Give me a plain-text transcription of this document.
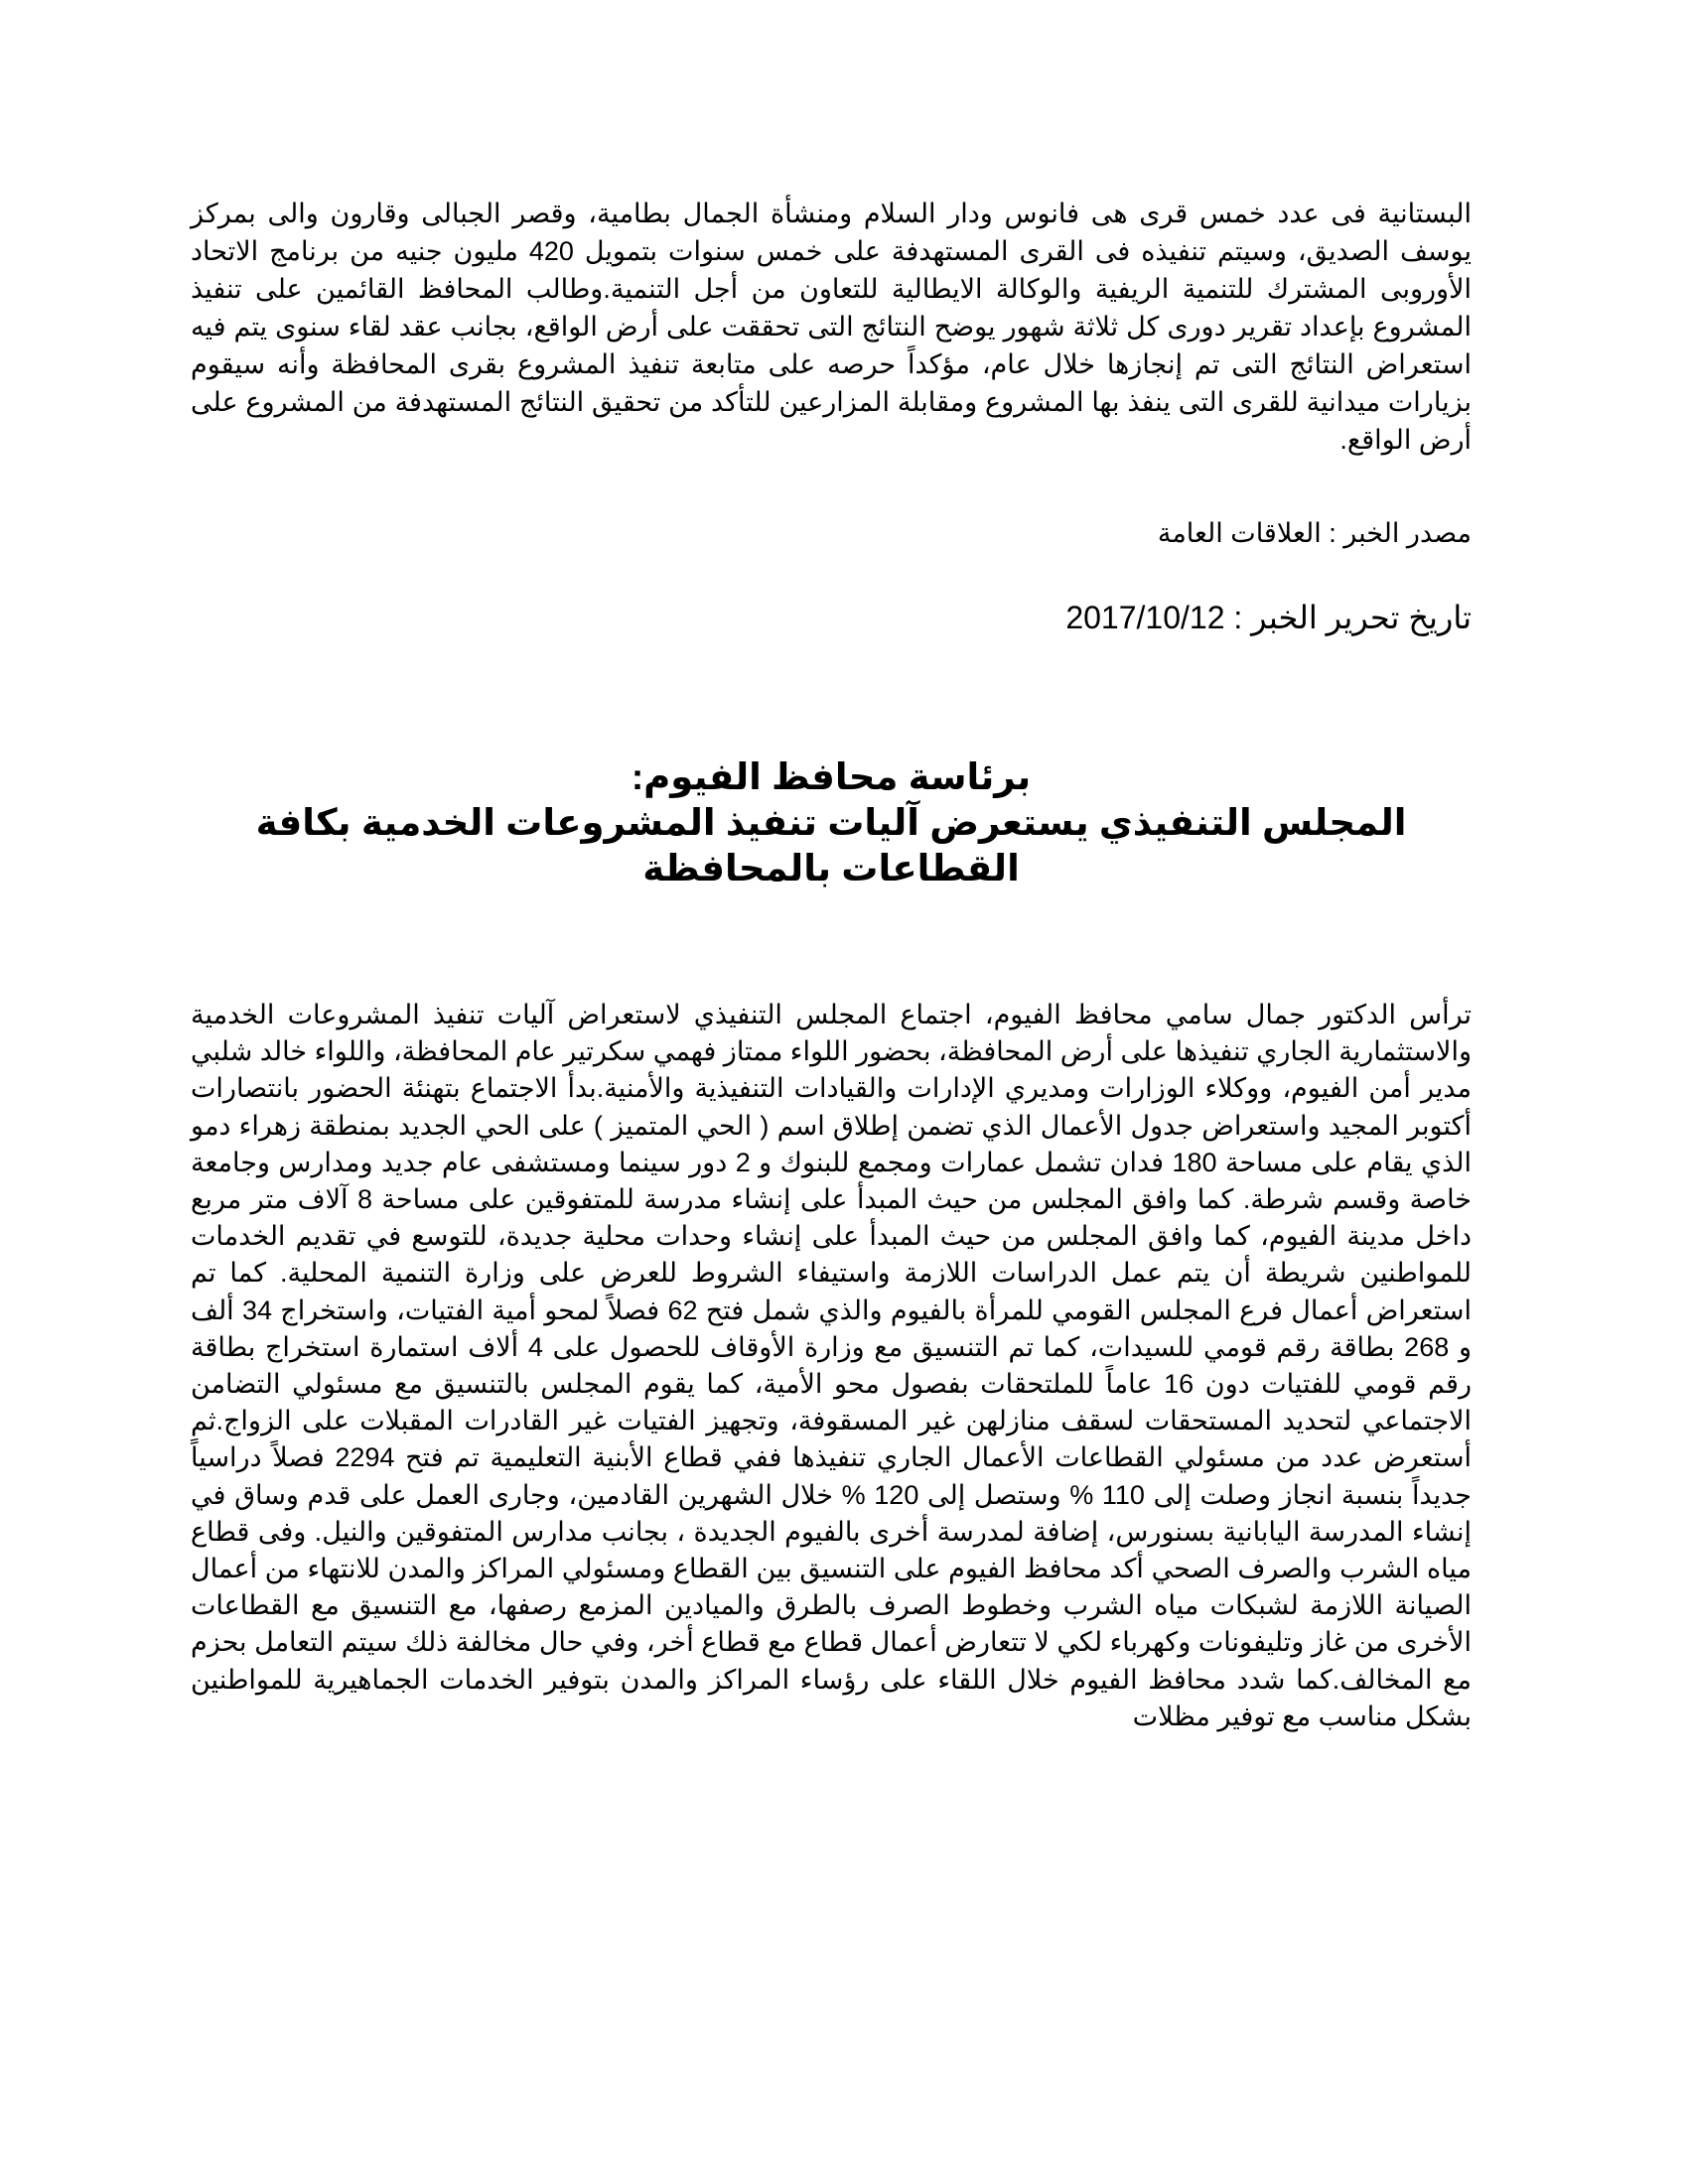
البستانية فى عدد خمس قرى هى فانوس ودار السلام ومنشأة الجمال بطامية، وقصر الجبالى وقارون والى بمركز يوسف الصديق، وسيتم تنفيذه فى القرى المستهدفة على خمس سنوات بتمويل 420 مليون جنيه من برنامج الاتحاد الأوروبى المشترك للتنمية الريفية والوكالة الايطالية للتعاون من أجل التنمية.وطالب المحافظ القائمين على تنفيذ المشروع بإعداد تقرير دورى كل ثلاثة شهور يوضح النتائج التى تحققت على أرض الواقع، بجانب عقد لقاء سنوى يتم فيه استعراض النتائج التى تم إنجازها خلال عام، مؤكداً حرصه على متابعة تنفيذ المشروع بقرى المحافظة وأنه سيقوم بزيارات ميدانية للقرى التى ينفذ بها المشروع ومقابلة المزارعين للتأكد من تحقيق النتائج المستهدفة من المشروع على أرض الواقع.

مصدر الخبر : العلاقات العامة
تاريخ تحرير الخبر : 2017/10/12
برئاسة محافظ الفيوم:
المجلس التنفيذي يستعرض آليات تنفيذ المشروعات الخدمية بكافة القطاعات بالمحافظة

ترأس الدكتور جمال سامي محافظ الفيوم، اجتماع المجلس التنفيذي لاستعراض آليات تنفيذ المشروعات الخدمية والاستثمارية الجاري تنفيذها على أرض المحافظة، بحضور اللواء ممتاز فهمي سكرتير عام المحافظة، واللواء خالد شلبي مدير أمن الفيوم، ووكلاء الوزارات ومديري الإدارات والقيادات التنفيذية والأمنية.بدأ الاجتماع بتهنئة الحضور بانتصارات أكتوبر المجيد واستعراض جدول الأعمال الذي تضمن إطلاق اسم ( الحي المتميز ) على الحي الجديد بمنطقة زهراء دمو الذي يقام على مساحة 180 فدان تشمل عمارات ومجمع للبنوك و 2 دور سينما ومستشفى عام جديد ومدارس وجامعة خاصة وقسم شرطة. كما وافق المجلس من حيث المبدأ على إنشاء مدرسة للمتفوقين على مساحة 8 آلاف متر مربع داخل مدينة الفيوم، كما وافق المجلس من حيث المبدأ على إنشاء وحدات محلية جديدة، للتوسع في تقديم الخدمات للمواطنين شريطة أن يتم عمل الدراسات اللازمة واستيفاء الشروط للعرض على وزارة التنمية المحلية. كما تم استعراض أعمال فرع المجلس القومي للمرأة بالفيوم والذي شمل فتح 62 فصلاً لمحو أمية الفتيات، واستخراج 34 ألف و 268 بطاقة رقم قومي للسيدات، كما تم التنسيق مع وزارة الأوقاف للحصول على 4 ألاف استمارة استخراج بطاقة رقم قومي للفتيات دون 16 عاماً للملتحقات بفصول محو الأمية، كما يقوم المجلس بالتنسيق مع مسئولي التضامن الاجتماعي لتحديد المستحقات لسقف منازلهن غير المسقوفة، وتجهيز الفتيات غير القادرات المقبلات على الزواج.ثم أستعرض عدد من مسئولي القطاعات الأعمال الجاري تنفيذها ففي قطاع الأبنية التعليمية تم فتح 2294 فصلاً دراسياً جديداً بنسبة انجاز وصلت إلى 110 % وستصل إلى 120 % خلال الشهرين القادمين، وجارى العمل على قدم وساق في إنشاء المدرسة اليابانية بسنورس، إضافة لمدرسة أخرى بالفيوم الجديدة ، بجانب مدارس المتفوقين والنيل. وفى قطاع مياه الشرب والصرف الصحي أكد محافظ الفيوم على التنسيق بين القطاع ومسئولي المراكز والمدن للانتهاء من أعمال الصيانة اللازمة لشبكات مياه الشرب وخطوط الصرف بالطرق والميادين المزمع رصفها، مع التنسيق مع القطاعات الأخرى من غاز وتليفونات وكهرباء لكي لا تتعارض أعمال قطاع مع قطاع أخر، وفي حال مخالفة ذلك سيتم التعامل بحزم مع المخالف.كما شدد محافظ الفيوم خلال اللقاء على رؤساء المراكز والمدن بتوفير الخدمات الجماهيرية للمواطنين بشكل مناسب مع توفير مظلات
